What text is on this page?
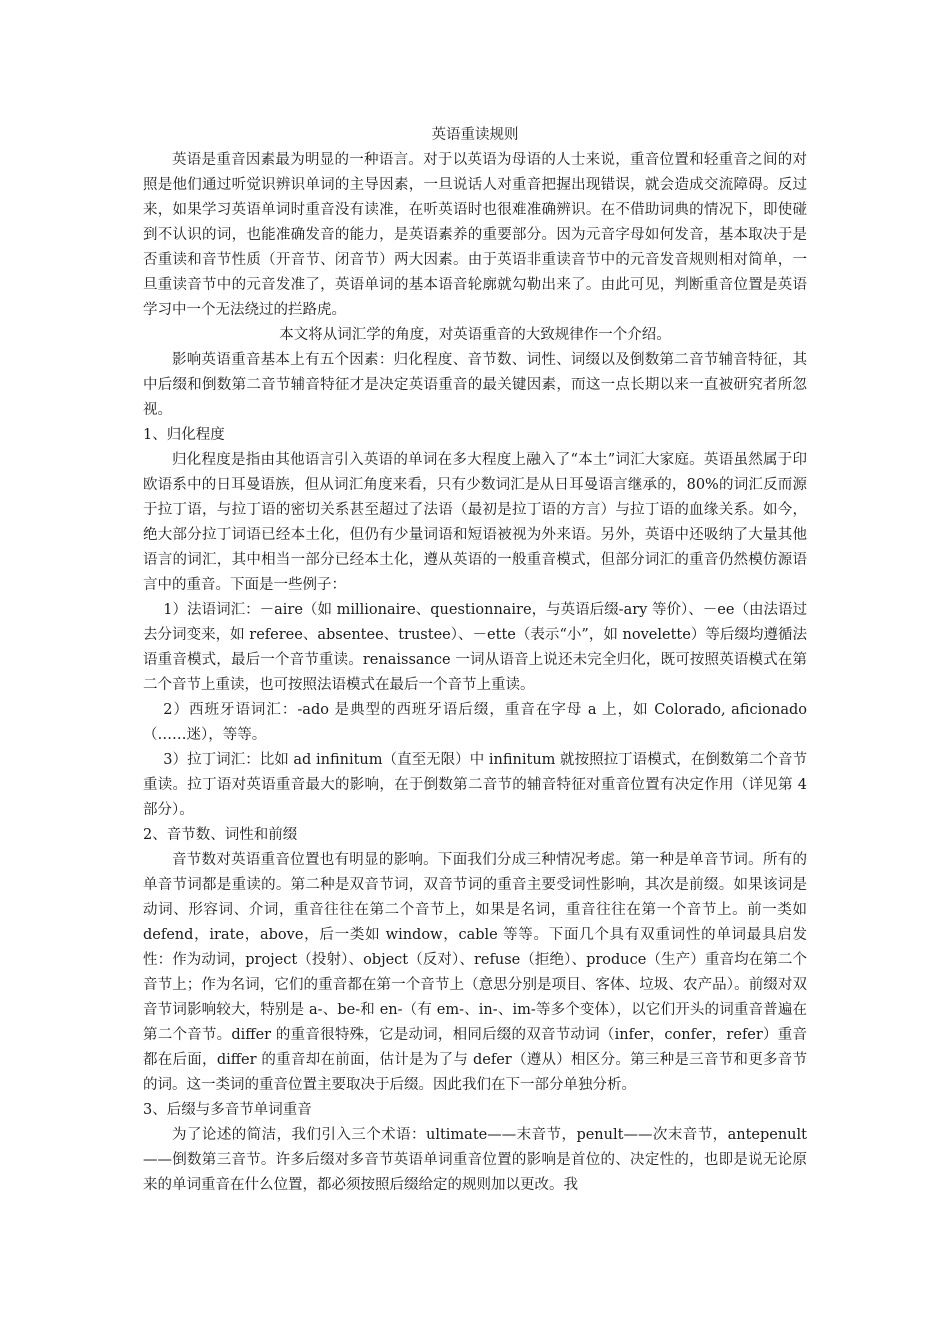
英语重读规则

英语是重音因素最为明显的一种语言。对于以英语为母语的人士来说，重音位置和轻重音之间的对照是他们通过听觉识辨识单词的主导因素，一旦说话人对重音把握出现错误，就会造成交流障碍。反过来，如果学习英语单词时重音没有读准，在听英语时也很难准确辨识。在不借助词典的情况下，即使碰到不认识的词，也能准确发音的能力，是英语素养的重要部分。因为元音字母如何发音，基本取决于是否重读和音节性质（开音节、闭音节）两大因素。由于英语非重读音节中的元音发音规则相对简单，一旦重读音节中的元音发准了，英语单词的基本语音轮廓就勾勒出来了。由此可见，判断重音位置是英语学习中一个无法绕过的拦路虎。

本文将从词汇学的角度，对英语重音的大致规律作一个介绍。

影响英语重音基本上有五个因素：归化程度、音节数、词性、词缀以及倒数第二音节辅音特征，其中后缀和倒数第二音节辅音特征才是决定英语重音的最关键因素，而这一点长期以来一直被研究者所忽视。

1、归化程度

归化程度是指由其他语言引入英语的单词在多大程度上融入了“本土”词汇大家庭。英语虽然属于印欧语系中的日耳曼语族，但从词汇角度来看，只有少数词汇是从日耳曼语言继承的，80%的词汇反而源于拉丁语，与拉丁语的密切关系甚至超过了法语（最初是拉丁语的方言）与拉丁语的血缘关系。如今，绝大部分拉丁词语已经本土化，但仍有少量词语和短语被视为外来语。另外，英语中还吸纳了大量其他语言的词汇，其中相当一部分已经本土化，遵从英语的一般重音模式，但部分词汇的重音仍然模仿源语言中的重音。下面是一些例子：

1）法语词汇：－aire（如 millionaire、questionnaire，与英语后缀-ary 等价）、－ee（由法语过去分词变来，如 referee、absentee、trustee）、－ette（表示“小”，如 novelette）等后缀均遵循法语重音模式，最后一个音节重读。renaissance 一词从语音上说还未完全归化，既可按照英语模式在第二个音节上重读，也可按照法语模式在最后一个音节上重读。

2）西班牙语词汇：-ado 是典型的西班牙语后缀，重音在字母 a 上，如 Colorado, aficionado（……迷），等等。

3）拉丁词汇：比如 ad infinitum（直至无限）中 infinitum 就按照拉丁语模式，在倒数第二个音节重读。拉丁语对英语重音最大的影响，在于倒数第二音节的辅音特征对重音位置有决定作用（详见第 4 部分）。

2、音节数、词性和前缀

音节数对英语重音位置也有明显的影响。下面我们分成三种情况考虑。第一种是单音节词。所有的单音节词都是重读的。第二种是双音节词，双音节词的重音主要受词性影响，其次是前缀。如果该词是动词、形容词、介词，重音往往在第二个音节上，如果是名词，重音往往在第一个音节上。前一类如 defend，irate，above，后一类如 window，cable 等等。下面几个具有双重词性的单词最具启发性：作为动词，project（投射）、object（反对）、refuse（拒绝）、produce（生产）重音均在第二个音节上；作为名词，它们的重音都在第一个音节上（意思分别是项目、客体、垃圾、农产品）。前缀对双音节词影响较大，特别是 a-、be-和 en-（有 em-、in-、im-等多个变体），以它们开头的词重音普遍在第二个音节。differ 的重音很特殊，它是动词，相同后缀的双音节动词（infer，confer，refer）重音都在后面，differ 的重音却在前面，估计是为了与 defer（遵从）相区分。第三种是三音节和更多音节的词。这一类词的重音位置主要取决于后缀。因此我们在下一部分单独分析。

3、后缀与多音节单词重音

为了论述的简洁，我们引入三个术语：ultimate——末音节，penult——次末音节，antepenult——倒数第三音节。许多后缀对多音节英语单词重音位置的影响是首位的、决定性的，也即是说无论原来的单词重音在什么位置，都必须按照后缀给定的规则加以更改。我
